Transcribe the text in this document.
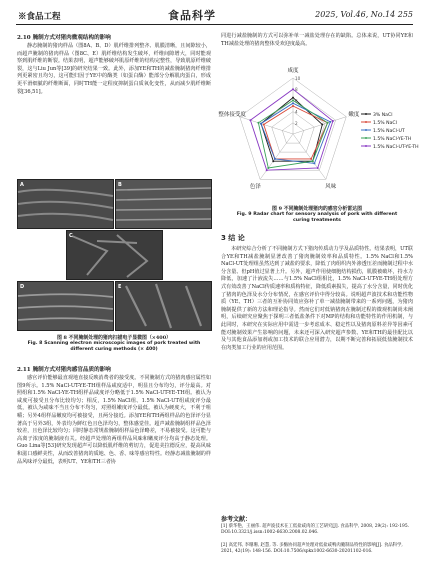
※食品工程	食品科学	2025, Vol.46, No.14 255
2.10 腌制方式对猪肉微观结构的影响
静态腌制的猪肉样品（图8A、B、D）肌纤维排列整齐、肌膜清晰，且间隙较小，而超声腌制的猪肉样品（图8C、E）肌纤维结构发生破坏，纤维间隙增大，同时能观察到肌纤维的断裂。结果表明，超声能够破坏肌原纤维的结构完整性，导致肌原纤维破裂，这与Liu Jun等[39]的研究结果一致。此外，添加YE和TH的减盐腌制猪肉纤维排列更紧密且均匀，这可能归因于YE中的酶类（如蛋白酶）能部分分解肌肉蛋白，形成更平滑细腻的纤维断面，同时TH能一定程度抑制蛋白质氧化变性，从而减少肌纤维断裂[36,51]。
A	B
C
D	E
图 8 不同腌制处理的猪肉扫描电子显微图（×400）
Fig. 8 Scanning electron microscopic images of pork treated with
different curing methods (× 400)
2.11 腌制方式对猪肉感官品质的影响
感官评价能够最直观地直接反映消费者的接受度。不同腌制方式的猪肉感官属性如图9所示。1.5% NaCl-UT-YE-TH组样品咸度适中，明显且分布均匀，评分最高。对照组和1.5% NaCl-YE-TH组样品咸度评分略低于1.5% NaCl-UT-YE-TH组。被认为咸度可接受且分布比较均匀；相反，1.5% NaCl组、1.5% NaCl-UT组咸度评分最低，被认为咸味不当且分布不均匀，对照组嫩度评分最低。被认为硬度大，不利于咀嚼；另外4组样品嫩度均可被接受，且两分接近。添加YE和TH两组样品的色泽评分显著高于另外3组，外表均为鲜红色且色泽均匀，整体感觉佳。超声减盐腌制组样品色泽较差，且色泽比较均匀；同时静态常规盐腌制组样品色泽略差，不易被接受。这可能与高离子浓度的腌制液有关。经超声处理的两组样品风味和嫩度评分均高于静态处理。Guo Lina等[53]研究发现超声可以降低肌纤维的剪切力，促进美拉德反应，提高风味和滋口感鲜美性，从而改善猪肉的质地、色、香、味等感官特性。经静态减盐腌制的样品风味评分最低，表明UT、YE和TH三者协
同进行减盐腌制的方式可以弥补单一减盐处理存在的缺陷。总体来说，UT协同YE和TH减盐处理的猪肉整体受欢迎度最高。
咸度
嫩度
风味
色泽
整体接受度
2
4
6
8
10
3% NaCl
1.5% NaCl
1.5% NaCl-UT
1.5% NaCl-YE-TH
1.5% NaCl-UT-YE-TH
图 9 不同腌制处理猪肉的感官分析雷达图
Fig. 9 Radar chart for sensory analysis of pork with different
curing treatments
3 结 论
本研究综合分析了不同腌制方式下猪肉传质动力学及品质特性。结果表明，UT联合YE和TH减盐腌制显著改善了猪肉腌制效率和品质特性。1.5% NaCl和1.5% NaCl-UT处理组虽然达到了减盐的要求，降低了肉组织内外渗透压差而腌制过程中水分含量、但pH值过显著上升。另外，超声作用使细胞结构损伤，肌膜被破坏，持水力降低，加速了汁液流失……与1.5% NaCl组相比，1.5% NaCl-UT-YE-TH组处理方式有效改善了NaCl传质速率和质构特征，降低质素损失，提高了水分含量，同时优化了猪肉的色泽及水分分布情况，在感官评价中得分较高。说明超声波技术和功能性物质（YE、TH）三者的互补协同效应弥补了单一减盐腌制带来的一系列问题，为猪肉腌制提供了新的方法和理论指导。然而它们对低钠猪肉在腌制过程的微观机制尚未阐明，后续研究应聚焦于探明三者低盐条件下对MP的结构和功能特性的作用机制，与此同时，本研究在实际应用中需进一步考虑成本、稳定性以及猪肉原料差异等因素可能对腌制效果产生影响的问题，未来还可深入研究超声参数、YE和TH的最佳配比以及与其他食品添加剂或加工技术的联合应用潜力，以期不断完善和拓展低盐腌制技术在肉类加工行业的应用范围。
参考文献：
[1] 蔡华艳，王丽伟. 超声波技术在工低盐咸肉的工艺研究[J]. 食品科学, 2008, 29(2): 192-195. DOI:10.3321/j.issn:1002-6630.2008.02.046.
[2] 高廷邦, 李珊珊, 赵慧, 等. 多酶协同超声处理对低盐咸鸭肉腌制品特性的影响[J]. 食品科学, 2021, 42(19): 148-156. DOI:10.7506/spkx1002-6630-20201102-016.
